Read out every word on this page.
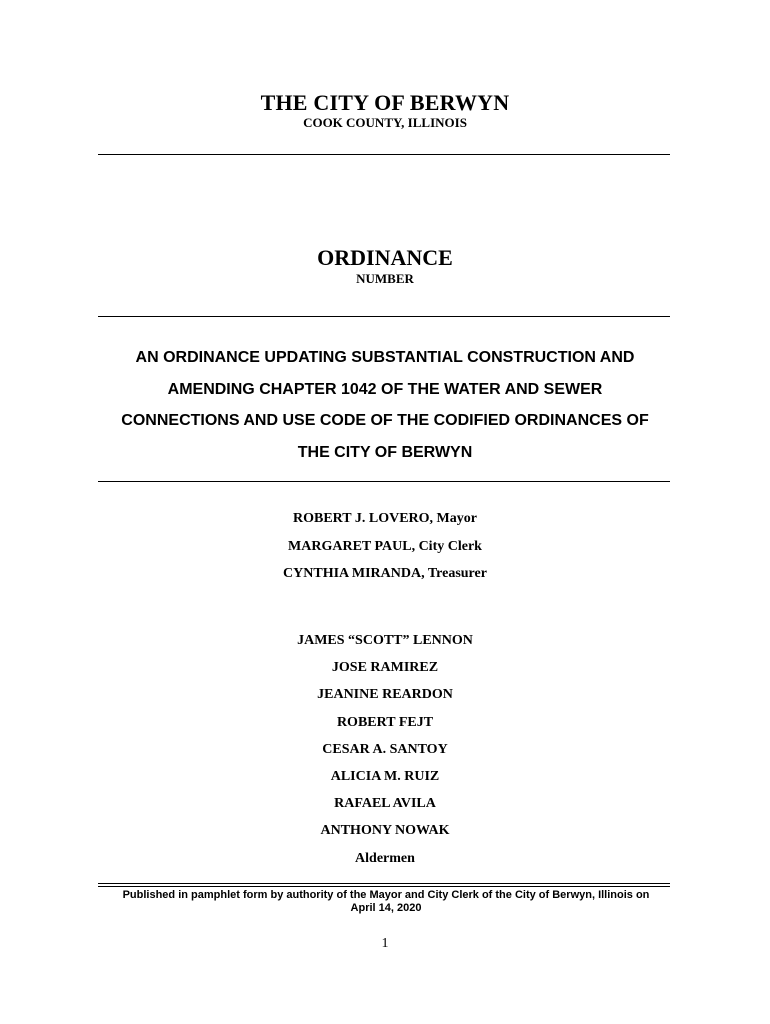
THE CITY OF BERWYN
COOK COUNTY, ILLINOIS
ORDINANCE
NUMBER
AN ORDINANCE UPDATING SUBSTANTIAL CONSTRUCTION AND
AMENDING CHAPTER 1042 OF THE WATER AND SEWER
CONNECTIONS AND USE CODE OF THE CODIFIED ORDINANCES OF
THE CITY OF BERWYN
ROBERT J. LOVERO, Mayor
MARGARET PAUL, City Clerk
CYNTHIA MIRANDA, Treasurer
JAMES “SCOTT” LENNON
JOSE RAMIREZ
JEANINE REARDON
ROBERT FEJT
CESAR A. SANTOY
ALICIA M. RUIZ
RAFAEL AVILA
ANTHONY NOWAK
Aldermen
Published in pamphlet form by authority of the Mayor and City Clerk of the City of Berwyn, Illinois on
April 14, 2020
1
